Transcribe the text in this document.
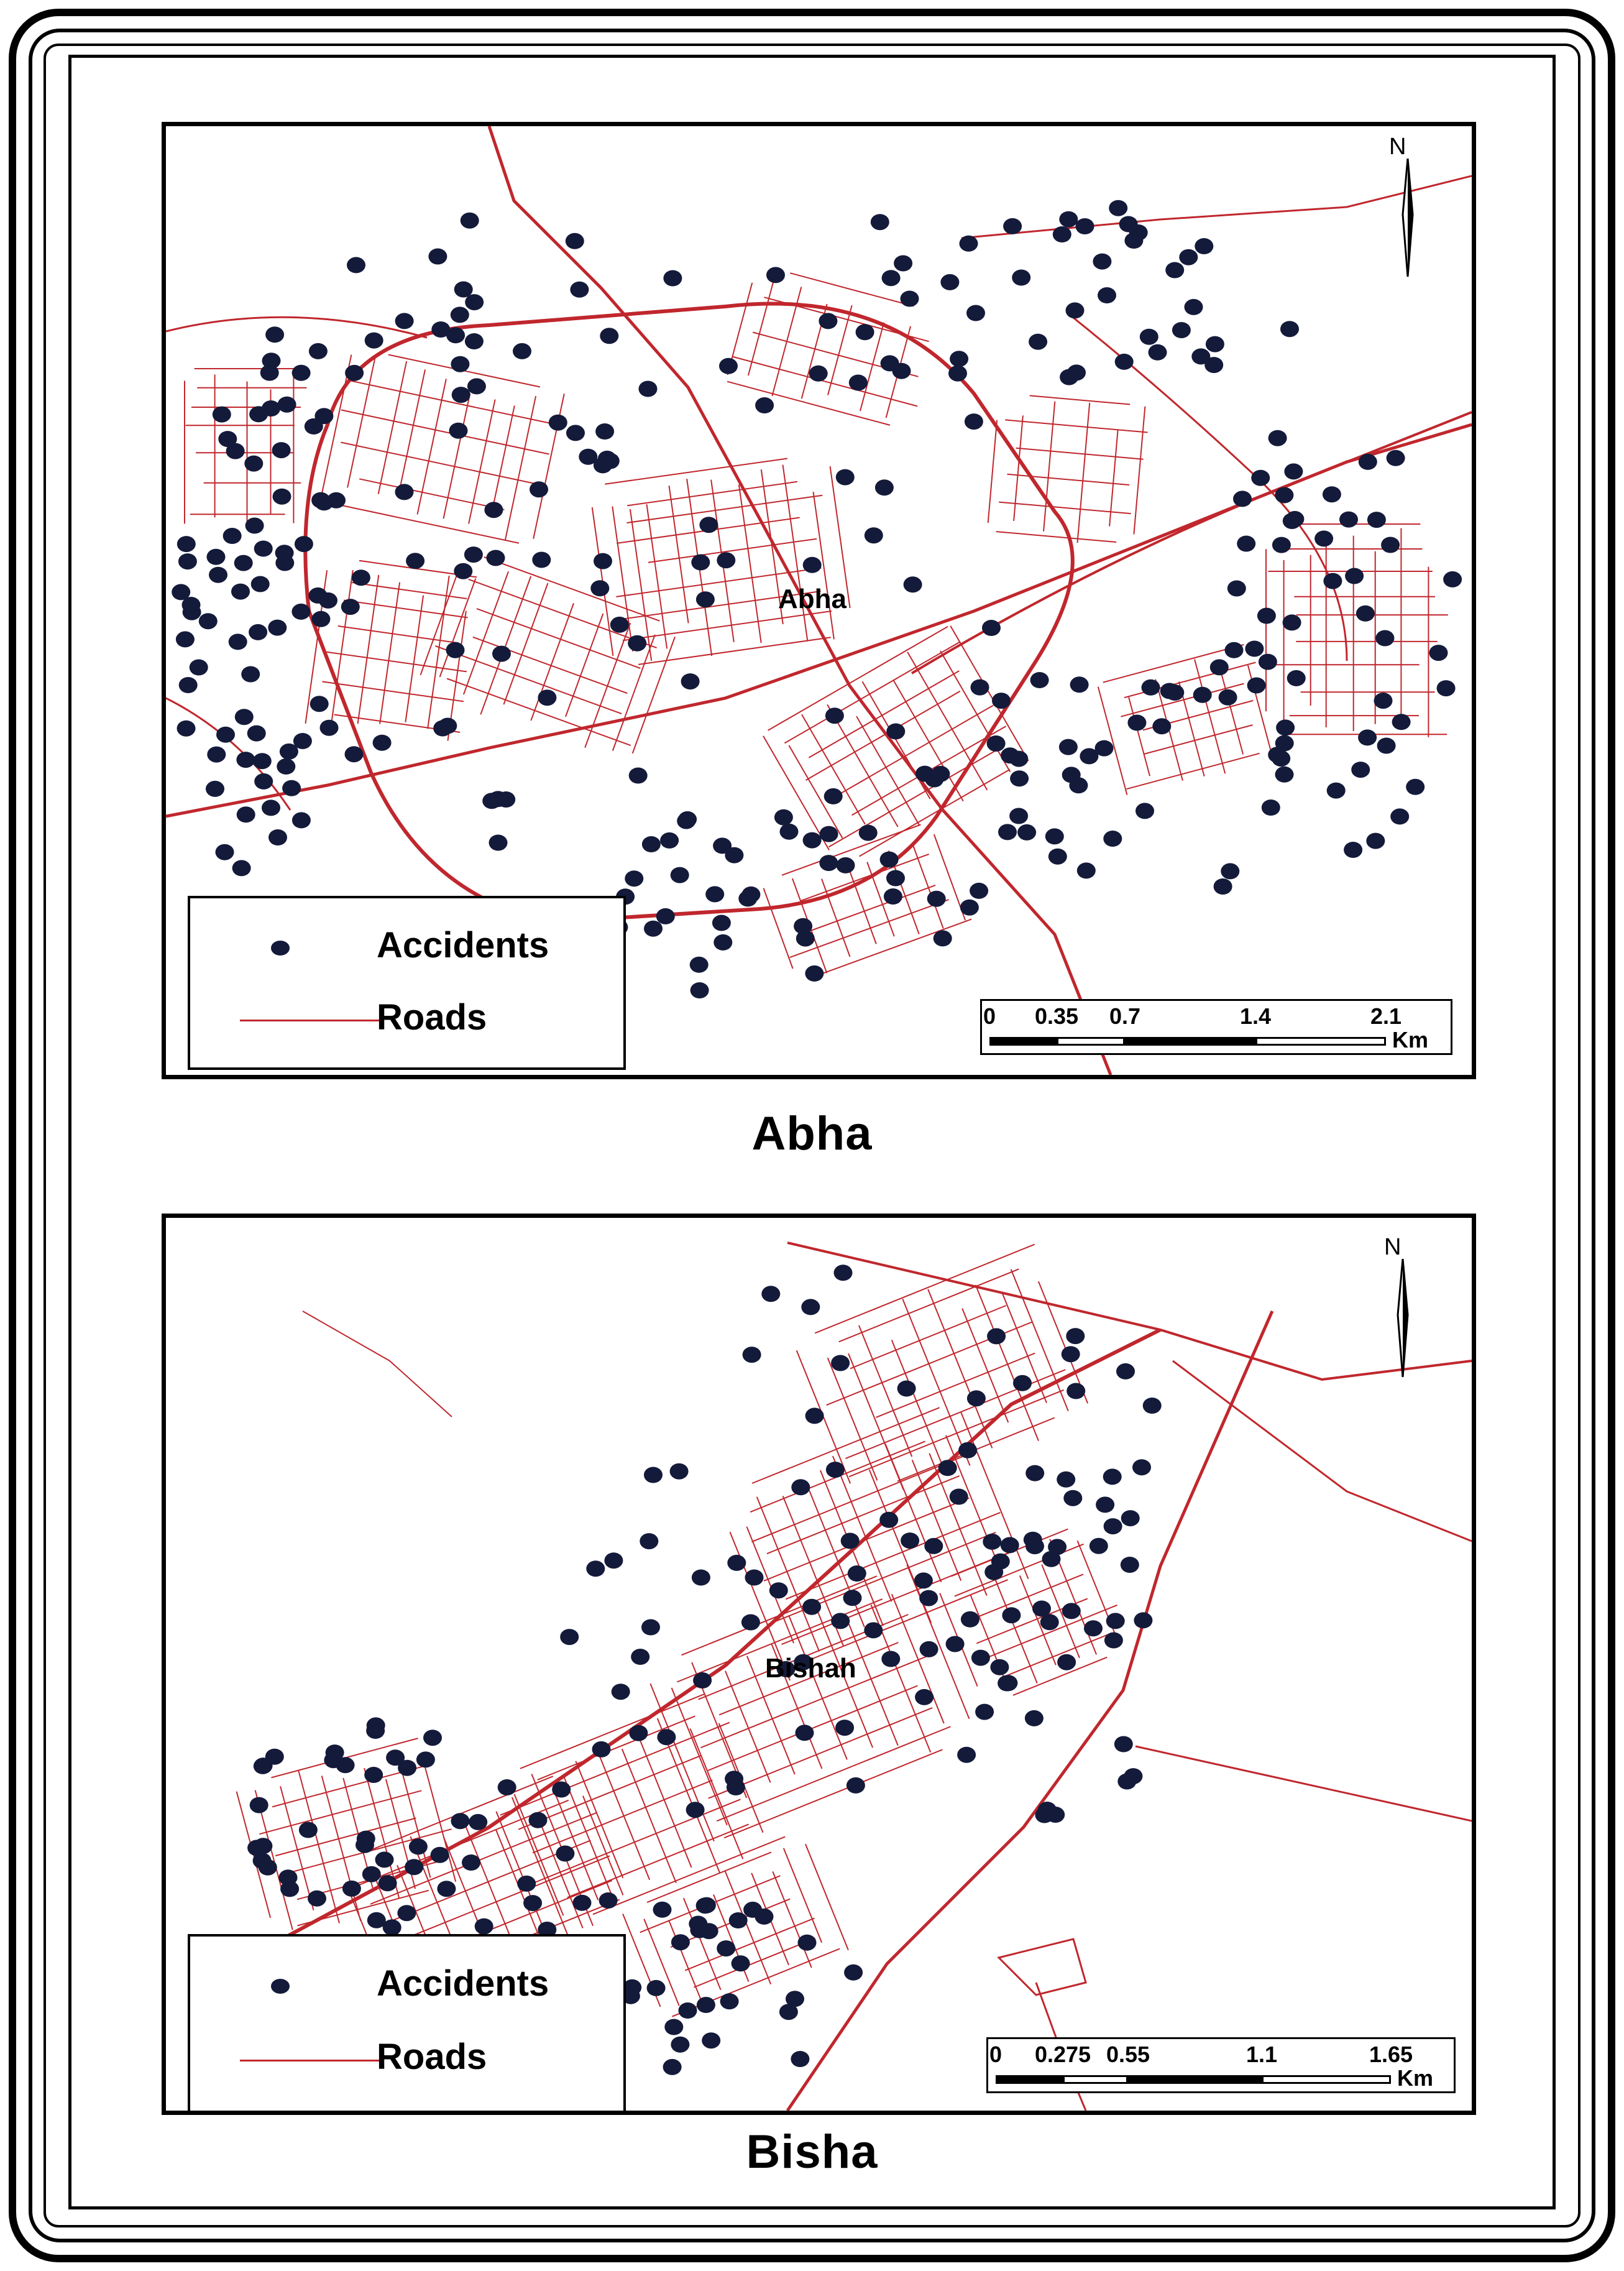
Abha
N
Accidents
Roads	0 0.35 0.7	1.4	2.1
Km
Abha
Bishah
N
Accidents
Roads	0 0.275 0.55	1.1	1.65
Km
Bisha
